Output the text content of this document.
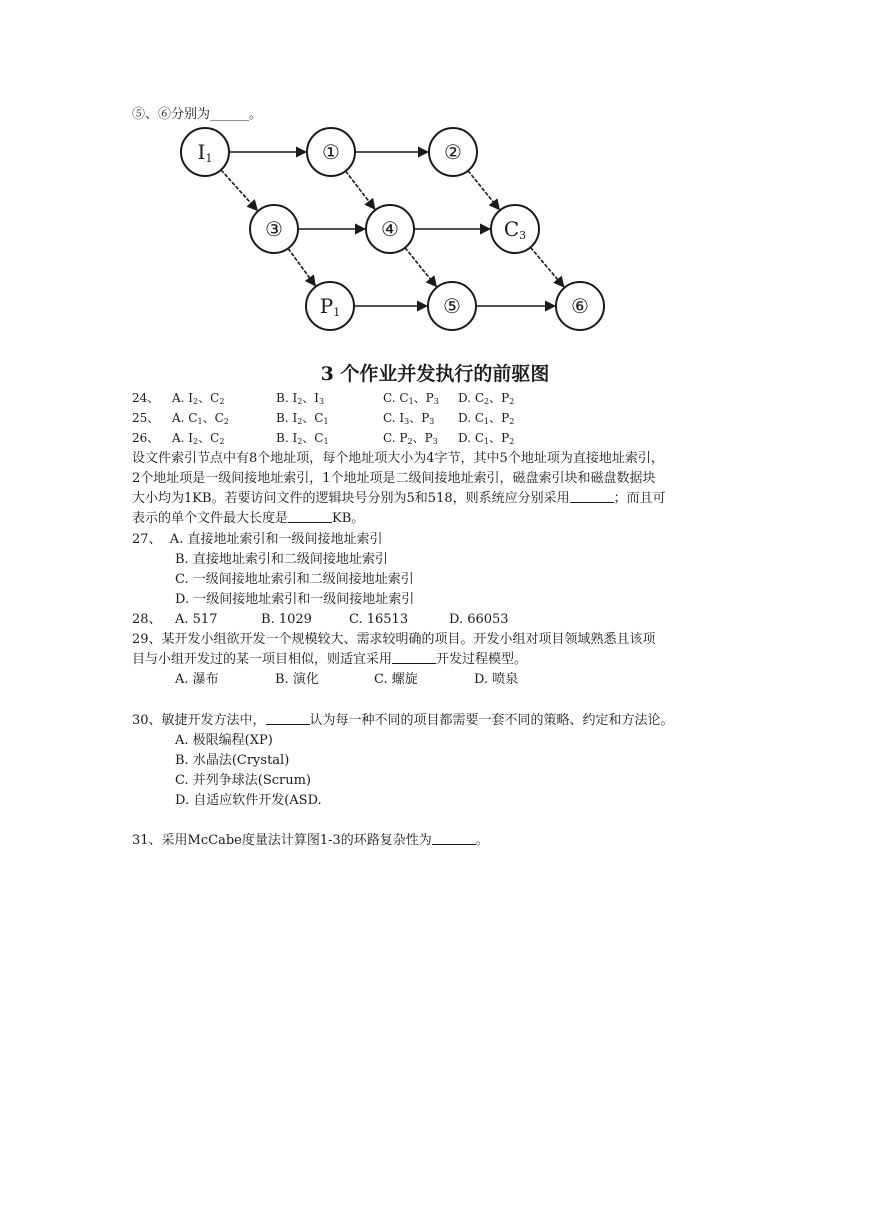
⑤、⑥分别为______。
I1	①	②
③	④	C3
P1	⑤	⑥
3 个作业并发执行的前驱图
24、 A. $I_2$、$C_2$	B. $I_2$、$I_3$	C. $C_1$、$P_3$ D. $C_2$、$P_2$
25、 A. $C_1$、$C_2$	B. $I_2$、$C_1$	C. $I_3$、$P_3$ D. $C_1$、$P_2$
26、 A. $I_2$、$C_2$	B. $I_2$、$C_1$	C. $P_2$、$P_3$ D. $C_1$、$P_2$
设文件索引节点中有8个地址项，每个地址项大小为4字节，其中5个地址项为直接地址索引，
2个地址项是一级间接地址索引，1个地址项是二级间接地址索引，磁盘索引块和磁盘数据块
大小均为1KB。若要访问文件的逻辑块号分别为5和518，则系统应分别采用	；而且可
表示的单个文件最大长度是	KB。
27、  A. 直接地址索引和一级间接地址索引
B. 直接地址索引和二级间接地址索引
C. 一级间接地址索引和二级间接地址索引
D. 一级间接地址索引和一级间接地址索引
28、 A. 517	B. 1029	C. 16513	D. 66053
29、某开发小组欲开发一个规模较大、需求较明确的项目。开发小组对项目领域熟悉且该项
目与小组开发过的某一项目相似，则适宜采用	开发过程模型。
A. 瀑布	B. 演化	C. 螺旋	D. 喷泉
30、敏捷开发方法中，	认为每一种不同的项目都需要一套不同的策略、约定和方法论。
A. 极限编程(XP)
B. 水晶法(Crystal)
C. 并列争球法(Scrum)
D. 自适应软件开发(ASD.
31、采用McCabe度量法计算图1-3的环路复杂性为	。
